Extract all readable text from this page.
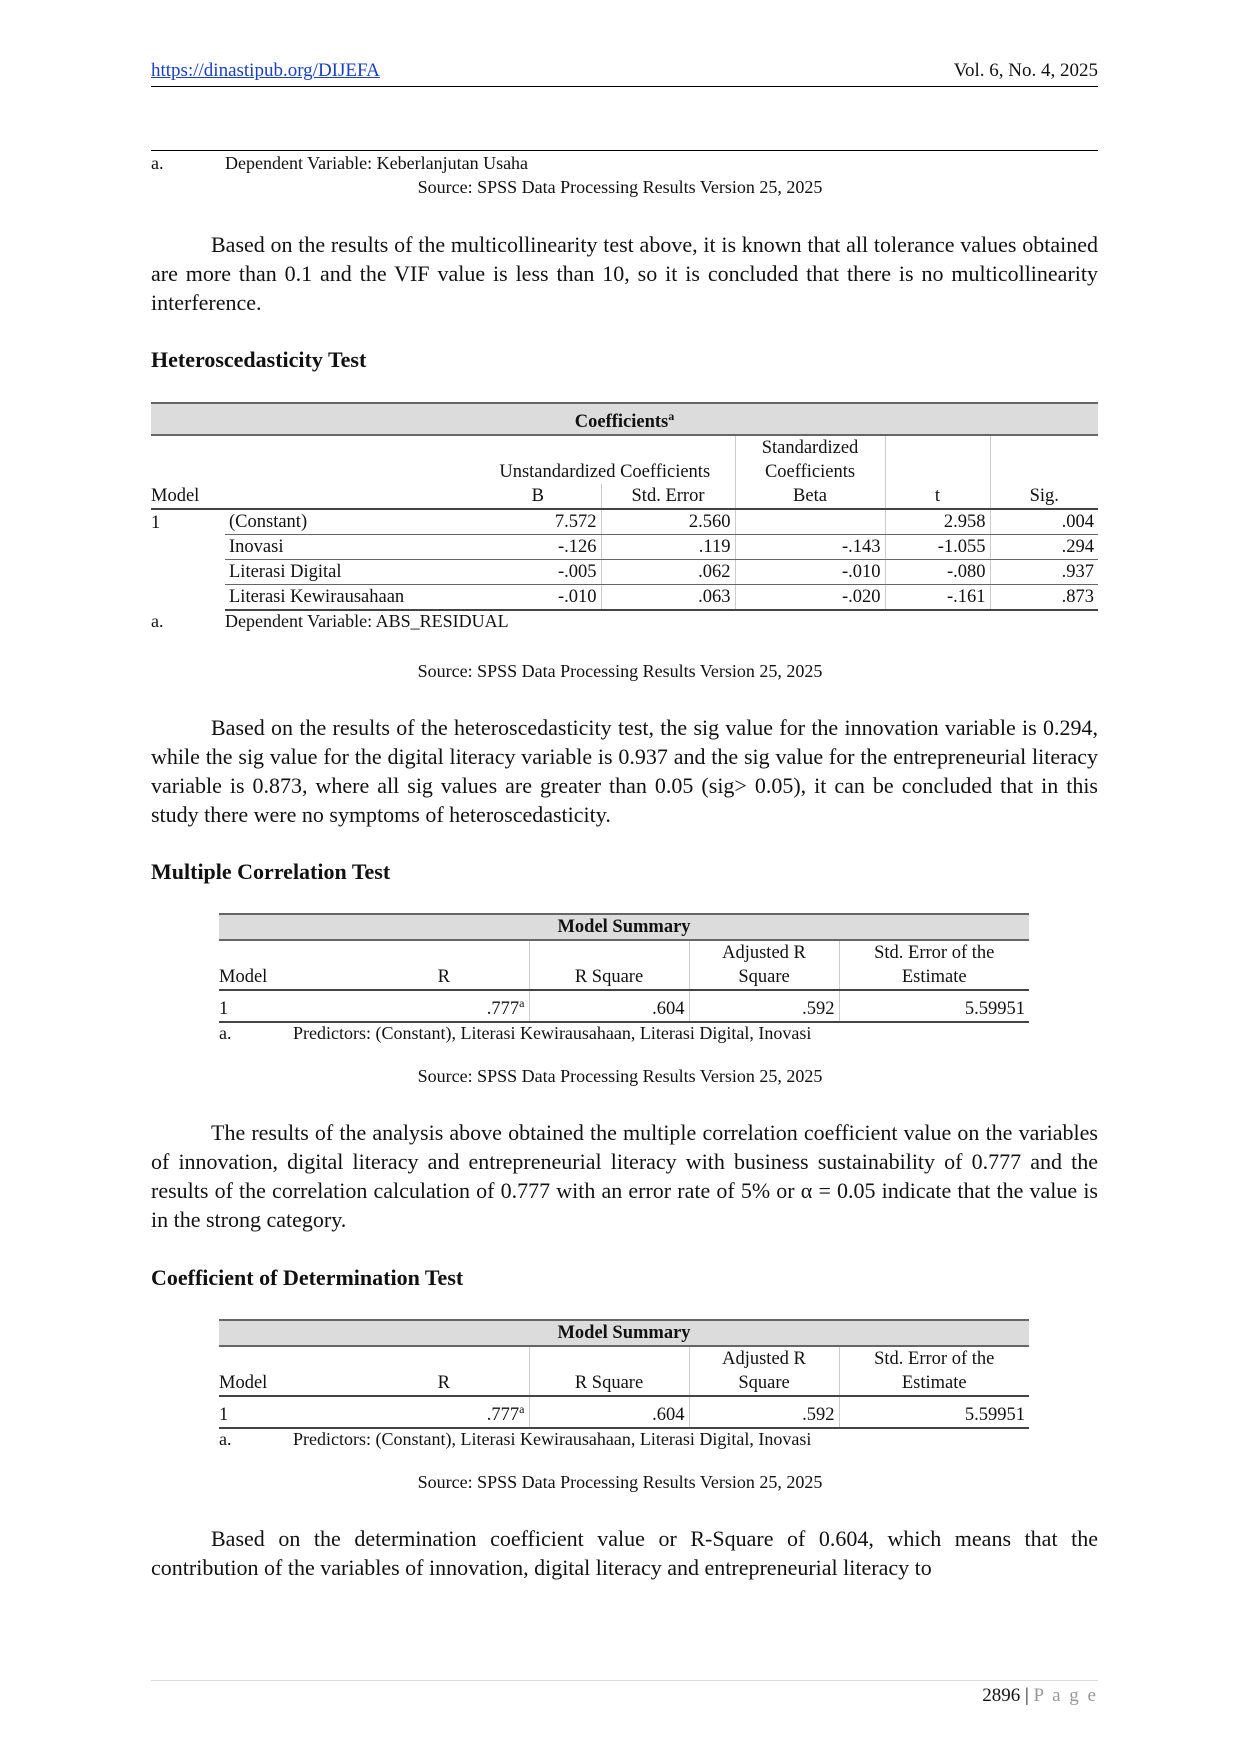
https://dinastipub.org/DIJEFA	Vol. 6, No. 4, 2025
a.	Dependent Variable: Keberlanjutan Usaha
Source: SPSS Data Processing Results Version 25, 2025

Based on the results of the multicollinearity test above, it is known that all tolerance values obtained are more than 0.1 and the VIF value is less than 10, so it is concluded that there is no multicollinearity interference.

Heteroscedasticity Test
Coefficients$^a$
				Standardized		
		Unstandardized Coefficients		Coefficients		
Model		B	Std. Error	Beta	t	Sig.
1	(Constant)	7.572	2.560		2.958	.004
	Inovasi	-.126	.119	-.143	-1.055	.294
	Literasi Digital	-.005	.062	-.010	-.080	.937
	Literasi Kewirausahaan	-.010	.063	-.020	-.161	.873
a.	Dependent Variable: ABS_RESIDUAL
Source: SPSS Data Processing Results Version 25, 2025

Based on the results of the heteroscedasticity test, the sig value for the innovation variable is 0.294, while the sig value for the digital literacy variable is 0.937 and the sig value for the entrepreneurial literacy variable is 0.873, where all sig values are greater than 0.05 (sig> 0.05), it can be concluded that in this study there were no symptoms of heteroscedasticity.

Multiple Correlation Test
Model Summary				
			Adjusted R	Std. Error of the
Model	R	R Square	Square	Estimate
1	.777$^a$	.604	.592	5.59951
a.	Predictors: (Constant), Literasi Kewirausahaan, Literasi Digital, Inovasi
Source: SPSS Data Processing Results Version 25, 2025

The results of the analysis above obtained the multiple correlation coefficient value on the variables of innovation, digital literacy and entrepreneurial literacy with business sustainability of 0.777 and the results of the correlation calculation of 0.777 with an error rate of 5% or α = 0.05 indicate that the value is in the strong category.

Coefficient of Determination Test
Model Summary				
			Adjusted R	Std. Error of the
Model	R	R Square	Square	Estimate
1	.777$^a$	.604	.592	5.59951
a.	Predictors: (Constant), Literasi Kewirausahaan, Literasi Digital, Inovasi
Source: SPSS Data Processing Results Version 25, 2025

Based on the determination coefficient value or R-Square of 0.604, which means that the contribution of the variables of innovation, digital literacy and entrepreneurial literacy to

2896 | P a g e
